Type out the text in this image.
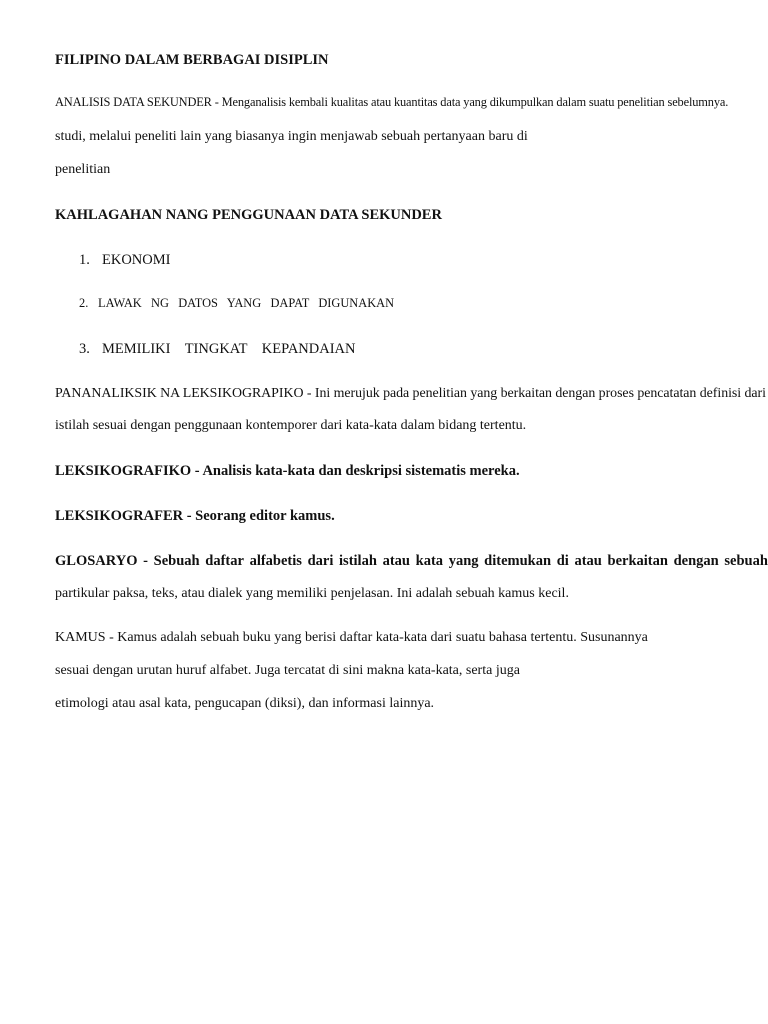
FILIPINO DALAM BERBAGAI DISIPLIN
ANALISIS DATA SEKUNDER - Menganalisis kembali kualitas atau kuantitas data yang dikumpulkan dalam suatu penelitian sebelumnya.
studi, melalui peneliti lain yang biasanya ingin menjawab sebuah pertanyaan baru di
penelitian
KAHLAGAHAN NANG PENGGUNAAN DATA SEKUNDER
1. EKONOMI
2. LAWAK   NG   DATOS   YANG   DAPAT   DIGUNAKAN
3. MEMILIKI    TINGKAT    KEPANDAIAN
PANANALIKSIK NA LEKSIKOGRAPIKO - Ini merujuk pada penelitian yang berkaitan dengan proses pencatatan definisi dari
istilah sesuai dengan penggunaan kontemporer dari kata-kata dalam bidang tertentu.
LEKSIKOGRAFIKO - Analisis kata-kata dan deskripsi sistematis mereka.
LEKSIKOGRAFER - Seorang editor kamus.
GLOSARYO - Sebuah daftar alfabetis dari istilah atau kata yang ditemukan di atau berkaitan dengan sebuah
partikular paksa, teks, atau dialek yang memiliki penjelasan. Ini adalah sebuah kamus kecil.
KAMUS - Kamus adalah sebuah buku yang berisi daftar kata-kata dari suatu bahasa tertentu. Susunannya
sesuai dengan urutan huruf alfabet. Juga tercatat di sini makna kata-kata, serta juga
etimologi atau asal kata, pengucapan (diksi), dan informasi lainnya.
